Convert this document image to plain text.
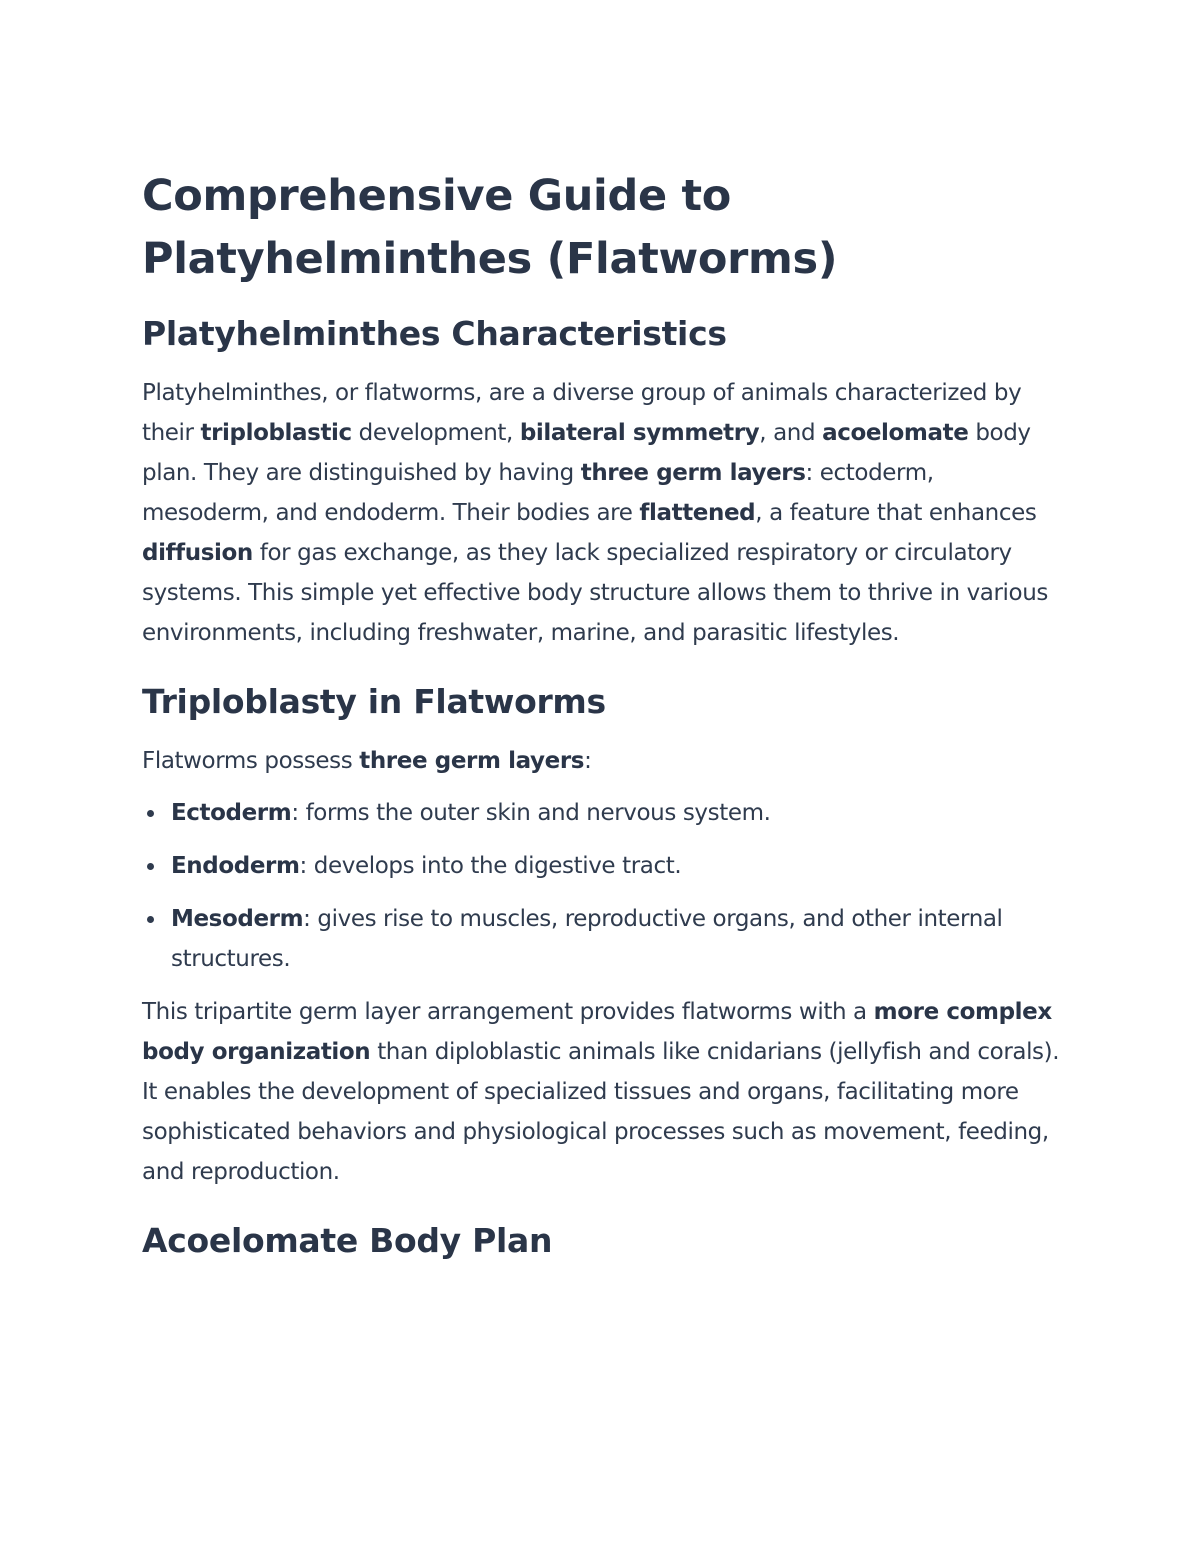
Comprehensive Guide to Platyhelminthes (Flatworms)
Platyhelminthes Characteristics

Platyhelminthes, or flatworms, are a diverse group of animals characterized by their triploblastic development, bilateral symmetry, and acoelomate body plan. They are distinguished by having three germ layers: ectoderm, mesoderm, and endoderm. Their bodies are flattened, a feature that enhances diffusion for gas exchange, as they lack specialized respiratory or circulatory systems. This simple yet effective body structure allows them to thrive in various environments, including freshwater, marine, and parasitic lifestyles.

Triploblasty in Flatworms

Flatworms possess three germ layers:

Ectoderm: forms the outer skin and nervous system.
Endoderm: develops into the digestive tract.
Mesoderm: gives rise to muscles, reproductive organs, and other internal structures.

This tripartite germ layer arrangement provides flatworms with a more complex body organization than diploblastic animals like cnidarians (jellyfish and corals). It enables the development of specialized tissues and organs, facilitating more sophisticated behaviors and physiological processes such as movement, feeding, and reproduction.

Acoelomate Body Plan
